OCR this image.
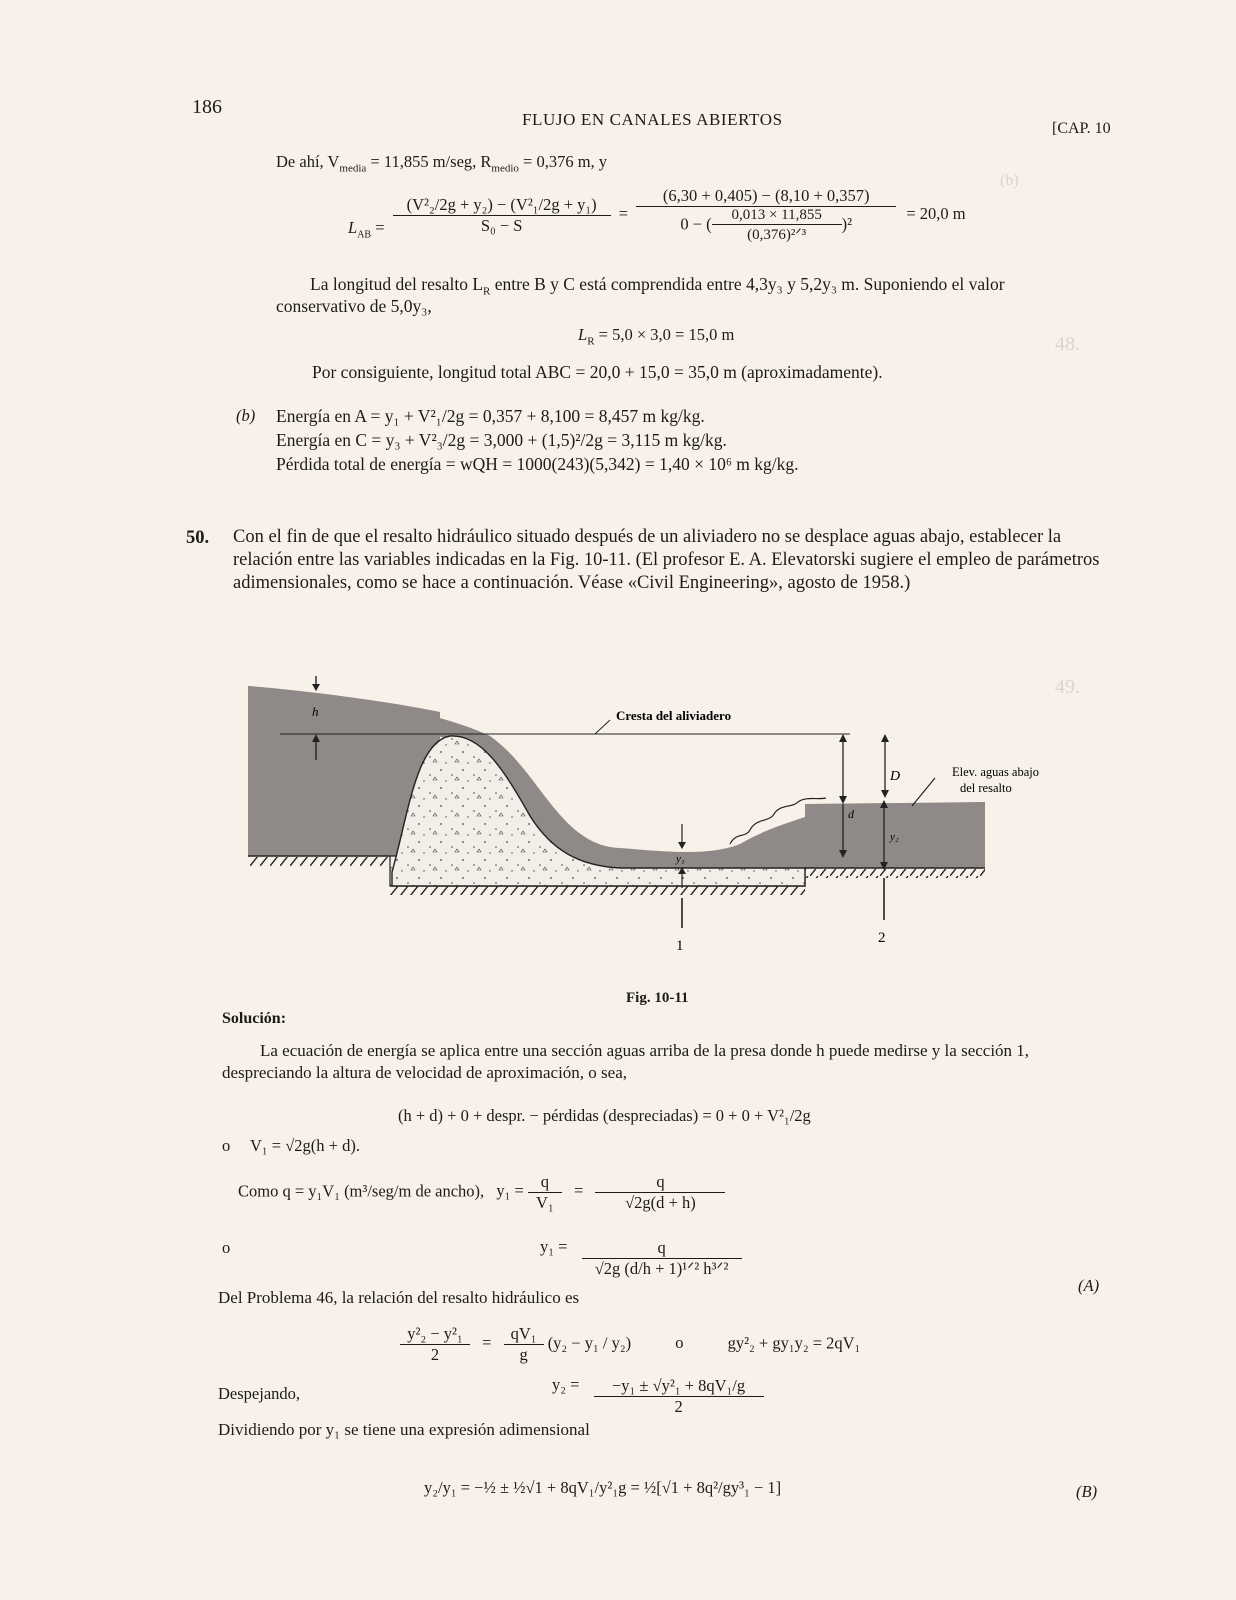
(b)
48.
49.
186
FLUJO EN CANALES ABIERTOS	[CAP. 10
De ahí, $V_{media} = 11,855$ m/seg, $R_{medio} = 0,376$ m, y
$L_{AB} = \frac{\text{(V²₂/2g + y₂) − (V²₁/2g + y₁)}}{\text{S₀ − S}} = \frac{(6,30 + 0,405) - (8,10 + 0,357)}{0 - ( \frac{0,013 \times 11,855}{\text{(0,376)²ᐟ³}} )^2} = 20,0$ m
La longitud del resalto $L_R$ entre B y C está comprendida entre 4,3y₃ y 5,2y₃ m. Suponiendo el valor
conservativo de 5,0y₃,
$L_R = 5,0 \times 3,0 = 15,0$ m
Por consiguiente, longitud total ABC = 20,0 + 15,0 = 35,0 m (aproximadamente).
(b) Energía en A = y₁ + V²₁/2g = 0,357 + 8,100 = 8,457 m kg/kg.
Energía en C = y₃ + V²₃/2g = 3,000 + (1,5)²/2g = 3,115 m kg/kg.
Pérdida total de energía = wQH = 1000(243)(5,342) = 1,40 × 10⁶ m kg/kg.
50. Con el fin de que el resalto hidráulico situado después de un aliviadero no se desplace aguas abajo, establecer la relación entre las variables indicadas en la Fig. 10-11. (El profesor E. A. Elevatorski sugiere el empleo de parámetros adimensionales, como se hace a continuación. Véase «Civil Engineering», agosto de 1958.)
h	Cresta del aliviadero
D
d
y₂
Elev. aguas abajo
del resalto
y₁
1	2
Fig. 10-11
Solución:
La ecuación de energía se aplica entre una sección aguas arriba de la presa donde h puede medirse y la sección 1, despreciando la altura de velocidad de aproximación, o sea,
(h + d) + 0 + despr. − pérdidas (despreciadas) = 0 + 0 + V²₁/2g
o V₁ = √2g(h + d).
Como q = y₁V₁ (m³/seg/m de ancho), $y_1 = \frac{q}{\text{V₁}} = \frac{q}{√2g(d + h)}$
o	$y_1 = \frac{q}{\text{√2g (d/h + 1)¹ᐟ² h³ᐟ²}}$
(A)
Del Problema 46, la relación del resalto hidráulico es
$\frac{\text{y²₂ − y²₁}}{2} = \frac{\text{qV₁}}{g} (y_2 - y_1 / y_2)$	o	gy²₂ + gy₁y₂ = 2qV₁
Despejando,	$y_2 = \frac{\text{−y₁ ± √y²₁ + 8qV₁/g}}{2}$
Dividiendo por y₁ se tiene una expresión adimensional
y₂/y₁ = −½ ± ½√1 + 8qV₁/y²₁g = ½[√1 + 8q²/gy³₁ − 1]	(B)
